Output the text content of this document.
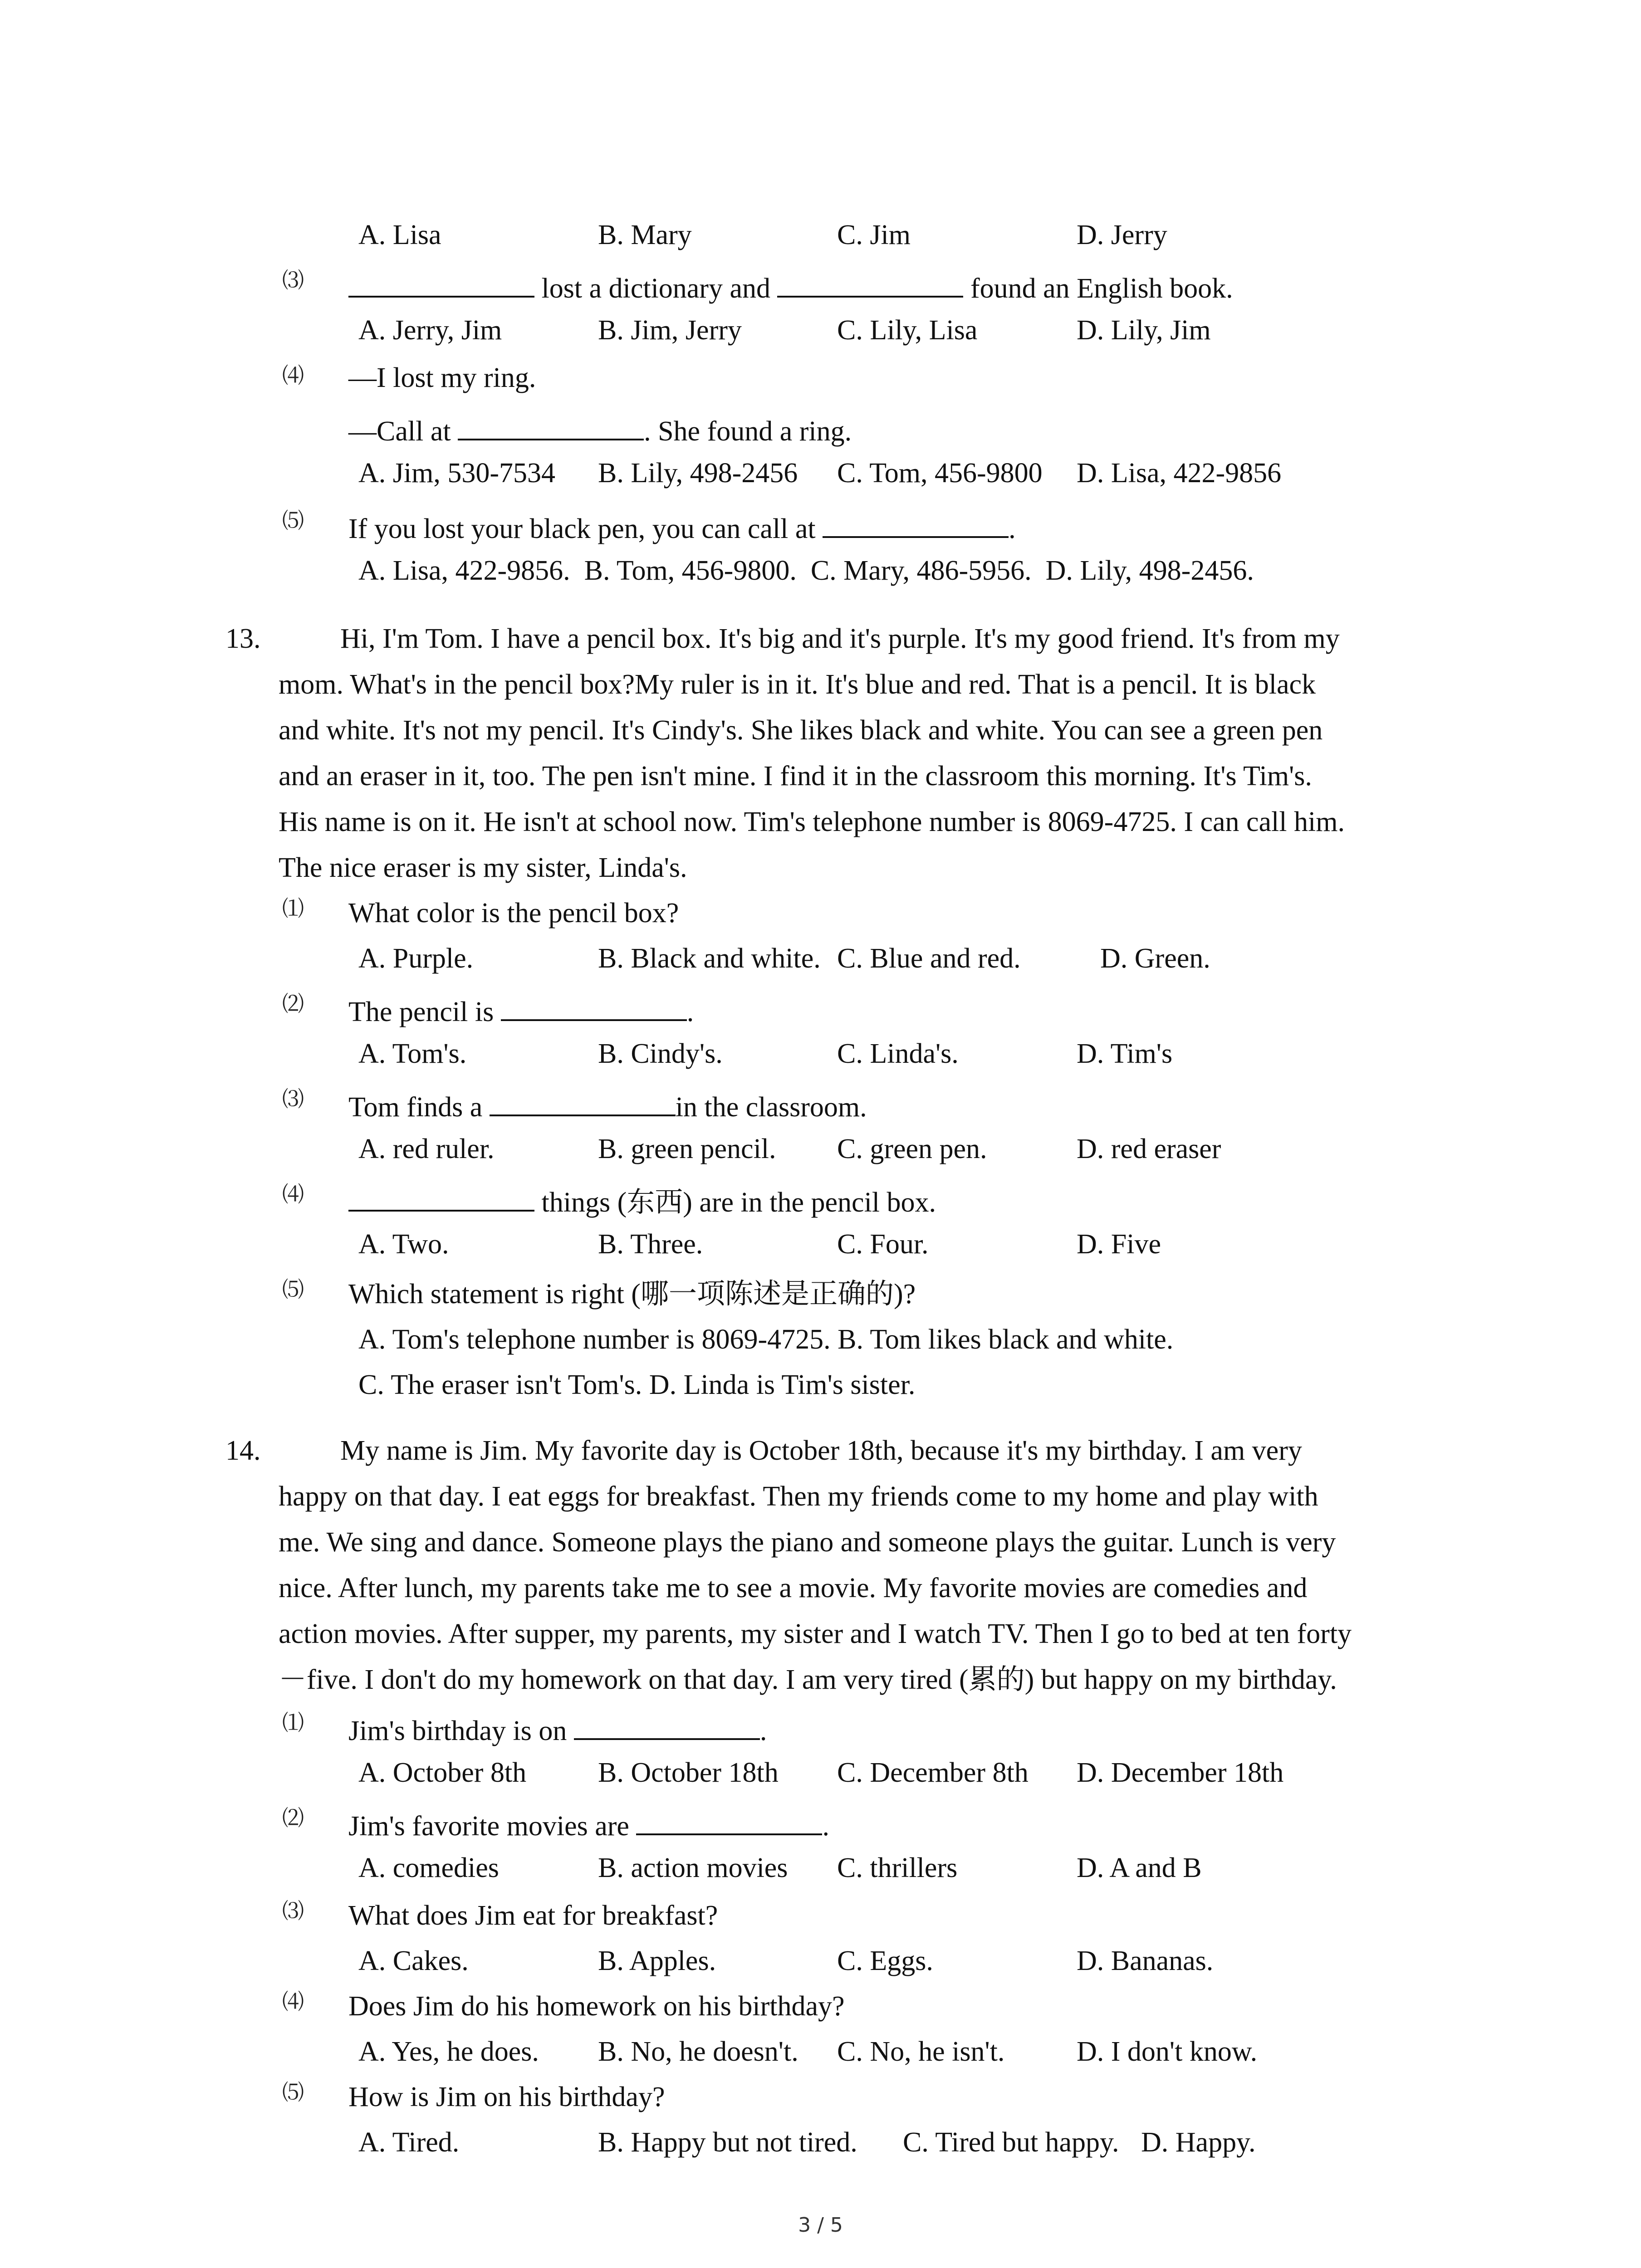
A. Lisa	B. Mary	C. Jim	D. Jerry
⑶	lost a dictionary and	found an English book.
A. Jerry, Jim	B. Jim, Jerry	C. Lily, Lisa	D. Lily, Jim
⑷ —I lost my ring.
—Call at	. She found a ring.
A. Jim, 530-7534 B. Lily, 498-2456 C. Tom, 456-9800 D. Lisa, 422-9856
⑸ If you lost your black pen, you can call at	.
A. Lisa, 422-9856. B. Tom, 456-9800. C. Mary, 486-5956. D. Lily, 498-2456.
13.	Hi, I'm Tom. I have a pencil box. It's big and it's purple. It's my good friend. It's from my
mom. What's in the pencil box?My ruler is in it. It's blue and red. That is a pencil. It is black
and white. It's not my pencil. It's Cindy's. She likes black and white. You can see a green pen
and an eraser in it, too. The pen isn't mine. I find it in the classroom this morning. It's Tim's.
His name is on it. He isn't at school now. Tim's telephone number is 8069-4725. I can call him.
The nice eraser is my sister, Linda's.
⑴ What color is the pencil box?
A. Purple.	B. Black and white. C. Blue and red.	D. Green.
⑵ The pencil is	.
A. Tom's.	B. Cindy's.	C. Linda's.	D. Tim's
⑶ Tom finds a	in the classroom.
A. red ruler.	B. green pencil. C. green pen.	D. red eraser
⑷	things (东西) are in the pencil box.
A. Two.	B. Three.	C. Four.	D. Five
⑸ Which statement is right (哪一项陈述是正确的)?
A. Tom's telephone number is 8069-4725. B. Tom likes black and white.
C. The eraser isn't Tom's. D. Linda is Tim's sister.
14.	My name is Jim. My favorite day is October 18th, because it's my birthday. I am very
happy on that day. I eat eggs for breakfast. Then my friends come to my home and play with
me. We sing and dance. Someone plays the piano and someone plays the guitar. Lunch is very
nice. After lunch, my parents take me to see a movie. My favorite movies are comedies and
action movies. After supper, my parents, my sister and I watch TV. Then I go to bed at ten forty
－five. I don't do my homework on that day. I am very tired (累的) but happy on my birthday.
⑴ Jim's birthday is on	.
A. October 8th	B. October 18th C. December 8th D. December 18th
⑵ Jim's favorite movies are	.
A. comedies	B. action movies C. thrillers	D. A and B
⑶ What does Jim eat for breakfast?
A. Cakes.	B. Apples.	C. Eggs.	D. Bananas.
⑷ Does Jim do his homework on his birthday?
A. Yes, he does. B. No, he doesn't. C. No, he isn't.	D. I don't know.
⑸ How is Jim on his birthday?
A. Tired.	B. Happy but not tired. C. Tired but happy. D. Happy.
3 / 5
